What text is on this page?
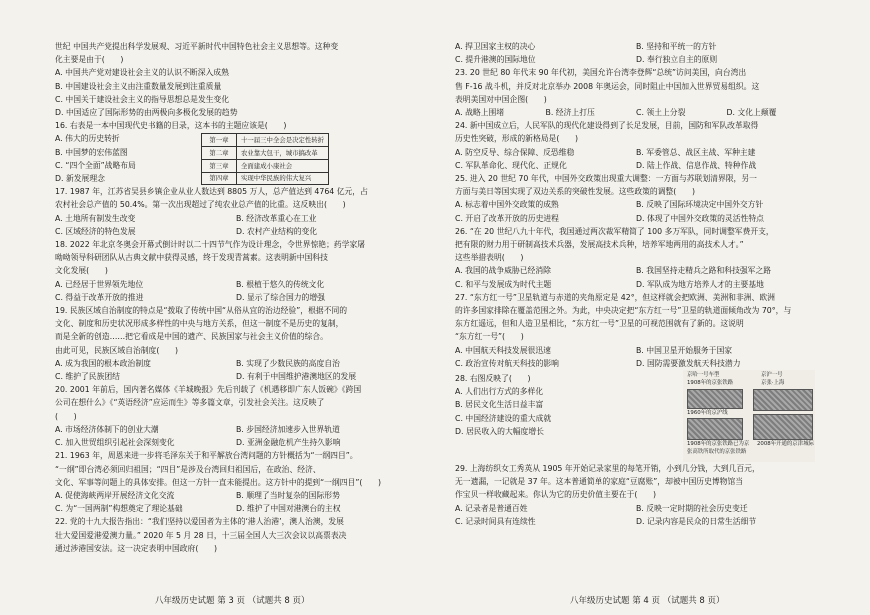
世纪 中国共产党提出科学发展观、习近平新时代中国特色社会主义思想等。这种变
化主要是由于(　　)
A. 中国共产党对建设社会主义的认识不断深入成熟
B. 中国建设社会主义由注重数量发展到注重质量
C. 中国关于建设社会主义的指导思想总是发生变化
D. 中国适应了国际形势的由两极向多极化发展的趋势
16. 右表是一本中国现代史书籍的目录，这本书的主题应该是(　　)
A. 伟大的历史转折
B. 中国梦的宏伟蓝图
C. “四个全面”战略布局
D. 新发展理念
第一章	十一届三中全会是决定性转折
第二章	农业靠大包干，城市搞改革
第三章	全面建成小康社会
第四章	实现中华民族的伟大复兴
17. 1987 年，江苏省吴县乡镇企业从业人数达到 8805 万人，总产值达到 4764 亿元，占
农村社会总产值的 50.4%。第一次出现超过了纯农业总产值的比重。这反映出(　　)
A. 土地所有制发生改变	B. 经济改革重心在工业
C. 区域经济的特色发展	D. 农村产业结构的变化
18. 2022 年北京冬奥会开幕式倒计时以二十四节气作为设计理念，令世界惊艳；药学家屠
呦呦领导科研团队从古典文献中获得灵感，终于发现青蒿素。这表明新中国科技
文化发展(　　)
A. 已经居于世界领先地位	B. 根植于悠久的传统文化
C. 得益于改革开放的推进	D. 显示了综合国力的增强
19. 民族区域自治制度的特点是“拨取了传统中国“从俗从宜的治边经验”，根据不同的
文化、制度和历史状况形成多样性的中央与地方关系，但这一制度不是历史的复制，
而是全新的创造……把它看成是中国的遗产、民族国家与社会主义价值的综合。
由此可见，民族区域自治制度(　　)
A. 成为我国的根本政治制度	B. 实现了少数民族的高度自治
C. 维护了民族团结	D. 有利于中国维护港澳地区的发展
20. 2001 年前后，国内著名媒体《羊城晚报》先后刊载了《机遇移即广东人饭碗》《跨国
公司在想什么》《“英语经济”应运而生》等多篇文章，引发社会关注。这反映了
(　　)
A. 市场经济体制下的创业大潮	B. 步国经济加速步入世界轨道
C. 加入世贸组织引起社会深刻变化	D. 亚洲金融危机产生持久影响
21. 1963 年，周恩来进一步将毛泽东关于和平解放台湾问题的方针概括为“一纲四目”。
“一纲”即台湾必须回归祖国；“四目”是涉及台湾回归祖国后，在政治、经济、
文化、军事等问题上的具体安排。但这一方针一直未能提出。这方针中的提到“一纲四目”(　　)
A. 促使海峡两岸开展经济文化交流	B. 顺理了当时复杂的国际形势
C. 为“一国两制”构想奠定了理论基础	D. 维护了中国对港澳台的主权
22. 党的十九大报告指出：“我们坚持以爱国者为主体的‘港人治港’，澳人治澳，发展
壮大爱国爱港爱澳力量。” 2020 年 5 月 28 日，十三届全国人大三次会议以高票表决
通过涉港国安法。这一决定表明中国政府(　　)
A. 捍卫国家主权的决心	B. 坚持和平统一的方针
C. 提升港澳的国际地位	D. 奉行独立自主的原则
23. 20 世纪 80 年代末 90 年代初，美国允许台湾李登辉“总统”访问美国，向台湾出
售 F-16 战斗机，并反对北京举办 2008 年奥运会，同时阻止中国加入世界贸易组织。这
表明美国对中国企图(　　)
A. 战略上围堵	B. 经济上打压	C. 领土上分裂	D. 文化上颠覆
24. 新中国成立后，人民军队的现代化建设得到了长足发展，目前，国防和军队改革取得
历史性突破，形成的新格局是(　　)
A. 防空反导、综合保障、反恐维稳	B. 军委管总、战区主战、军种主建
C. 军队革命化、现代化、正规化	D. 陆上作战、信息作战、特种作战
25. 进入 20 世纪 70 年代，中国外交政策出现重大调整：一方面与苏联划清界限，另一
方面与美日等国实现了双边关系的突破性发展。这些政策的调整(　　)
A. 标志着中国外交政策的成熟	B. 反映了国际环境决定中国外交方针
C. 开启了改革开放的历史进程	D. 体现了中国外交政策的灵活性特点
26. “在 20 世纪八九十年代，我国通过两次裁军精简了 100 多万军队，同时调整军费开支，
把有限的财力用于研制高技术兵器，发展高技术兵种，培养军地两用的高技术人才。”
这些举措表明(　　)
A. 我国的战争威胁已经消除	B. 我国坚持走精兵之路和科技强军之路
C. 和平与发展成为时代主题	D. 军队成为地方培养人才的主要基地
27. “东方红一号”卫星轨道与赤道的夹角原定是 42°，但这样就会把欧洲、美洲和非洲、欧洲
的许多国家排除在覆盖范围之外。为此，中央决定把“东方红一号”卫星的轨道面倾角改为 70°，与
东方红遥远，但和人造卫星相比，“东方红一号”卫星的可视范围就有了新的。这说明
“东方红一号”(　　)
A. 中国航天科技发展很迅速	B. 中国卫星开始服务于国家
C. 政治宣传对航天科技的影响	D. 国防需要激发航天科技潜力
28. 右图反映了(　　)
A. 人们出行方式的多样化
B. 居民文化生活日益丰富
C. 中国经济建设的重大成就
D. 居民收入的大幅度增长
京哈一号车型	京沪一号
1908年的京张铁路	京张·上海
1960年的京沪线
1908年的京张铁路已为京
张高铁所取代的京张铁路
2008年开通的京津城际
29. 上海纺织女工秀英从 1905 年开始记录家里的每笔开销，小到几分钱，大到几百元，
无一遗漏，一记就是 37 年。这本普通简单的家庭“豆腐账”，却被中国历史博物馆当
作宝贝一样收藏起来。你认为它的历史价值主要在于(　　)
A. 记录者是普通百姓	B. 反映一定时期的社会历史变迁
C. 记录时间具有连续性	D. 记录内容是民众的日常生活细节
八年级历史试题 第 3 页 （试题共 8 页）	八年级历史试题 第 4 页 （试题共 8 页）
